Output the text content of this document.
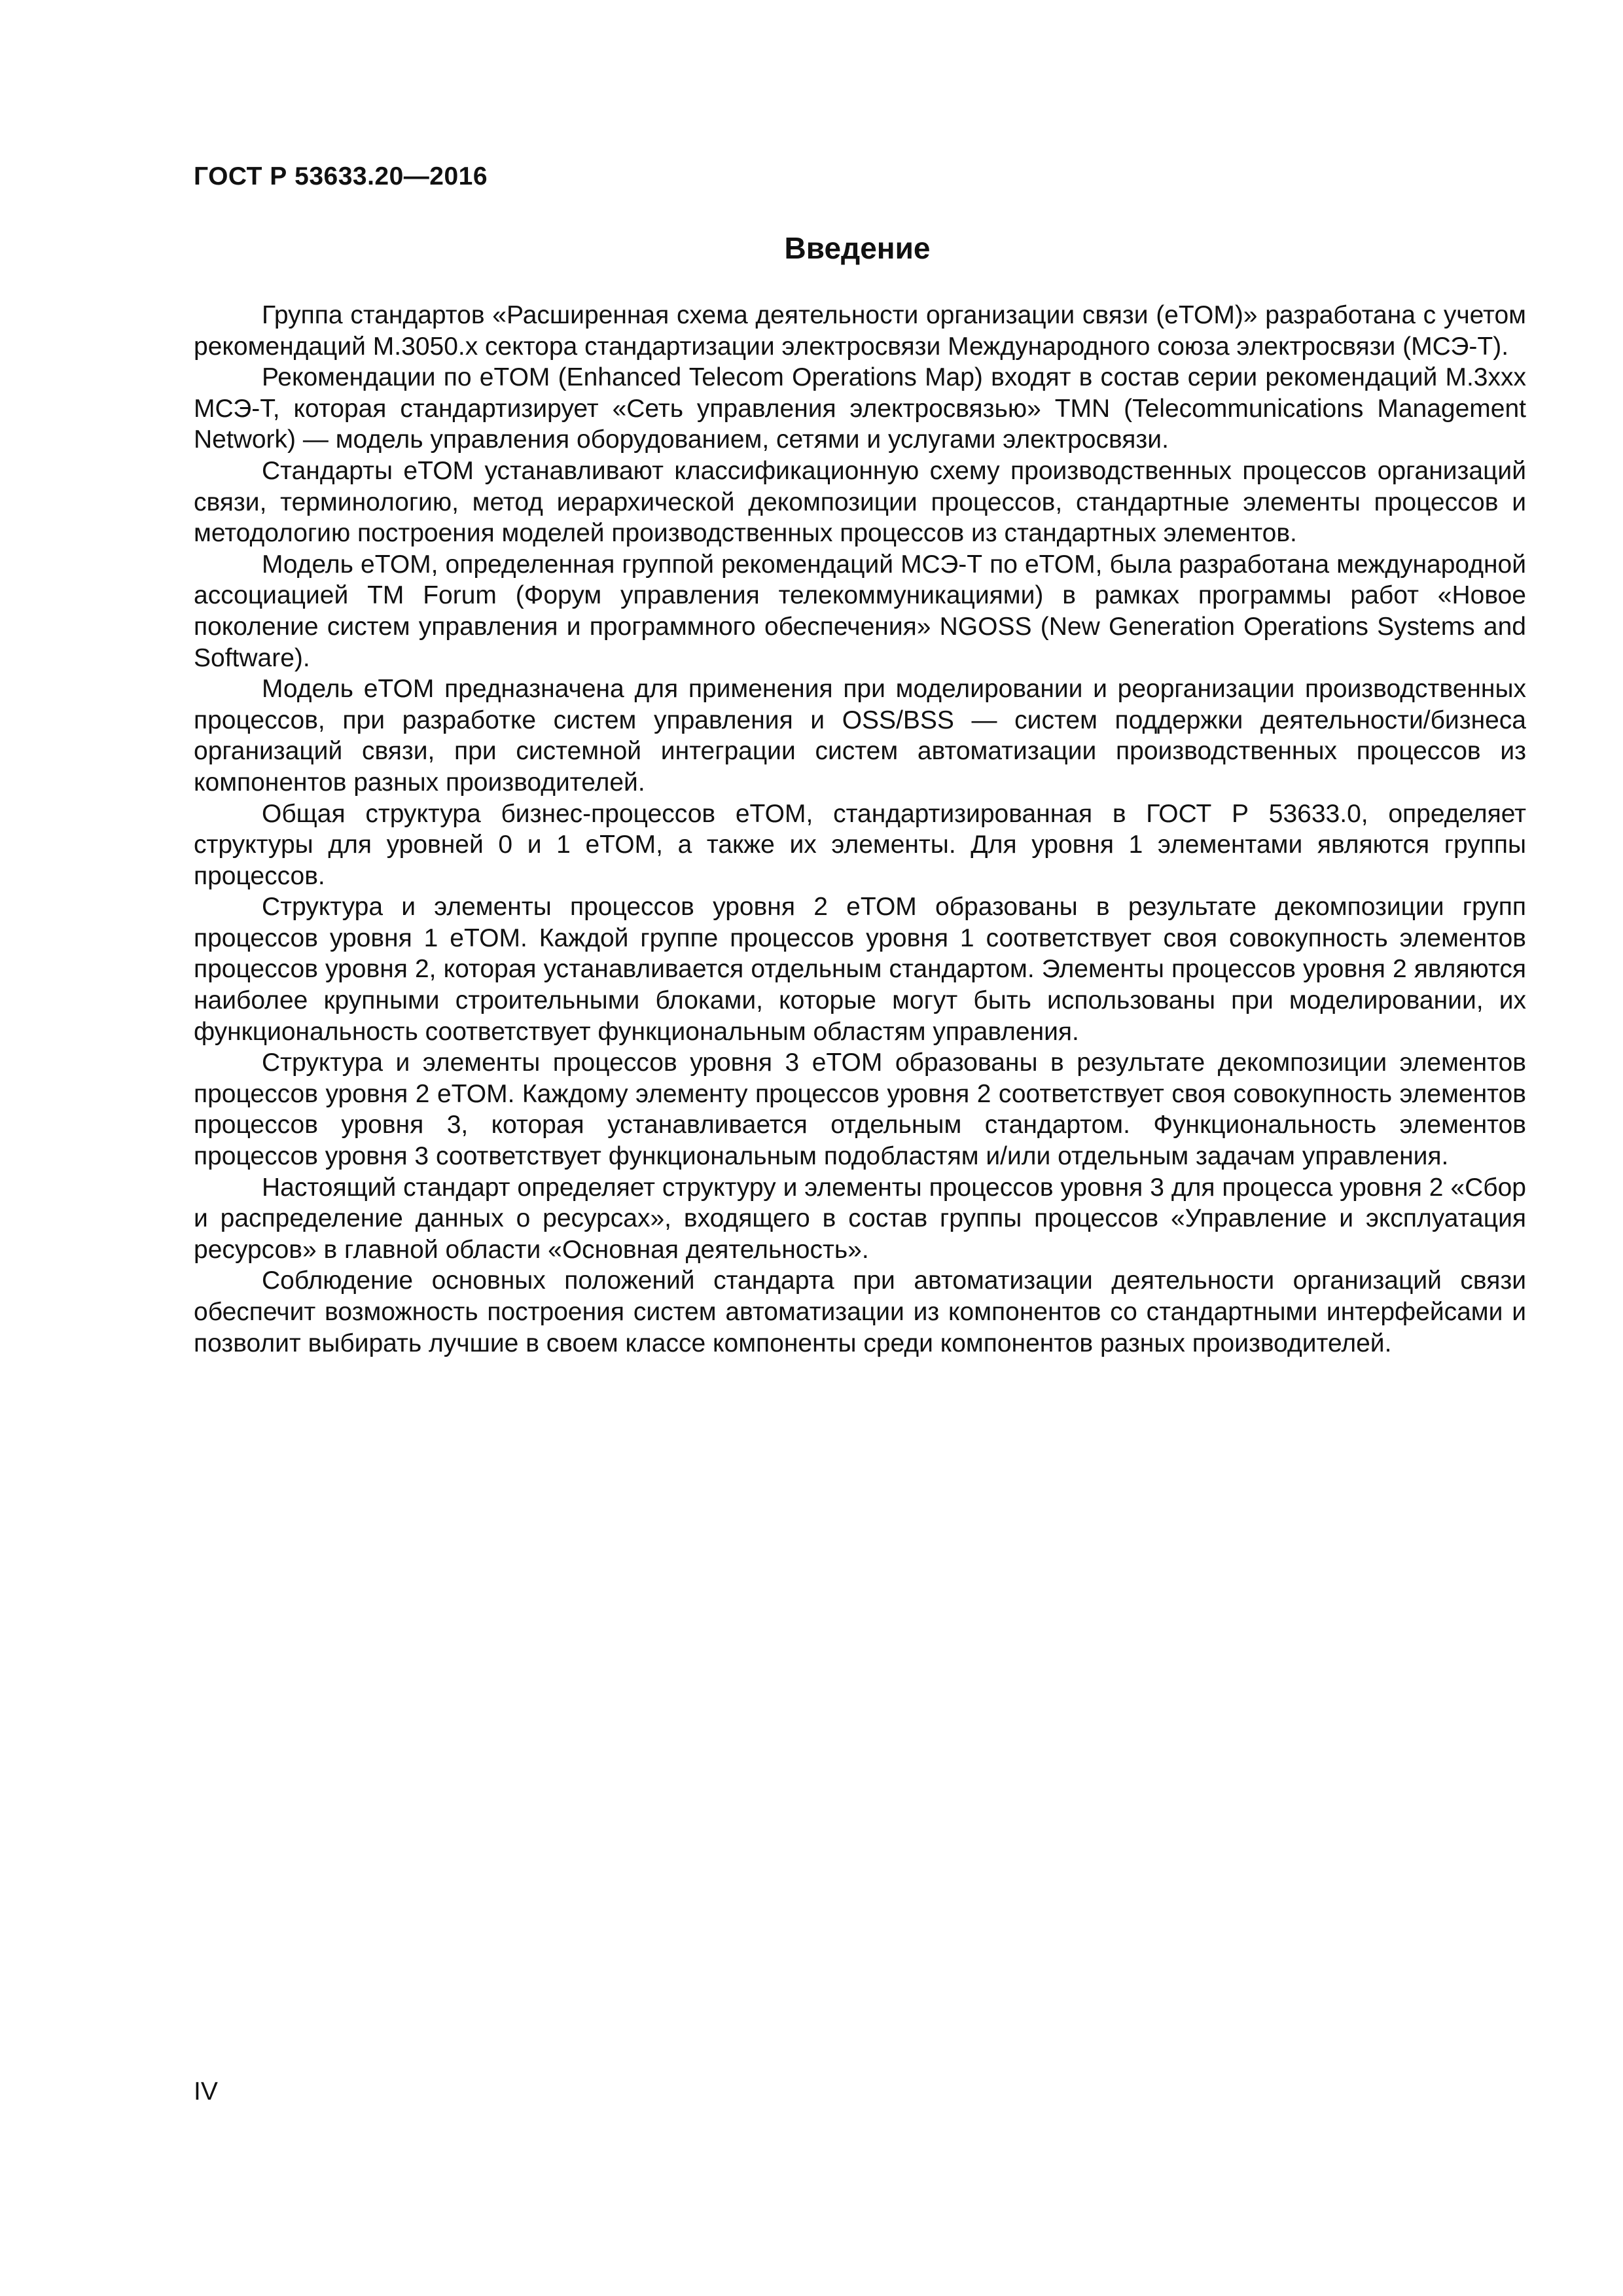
ГОСТ Р 53633.20—2016

Введение

Группа стандартов «Расширенная схема деятельности организации связи (eTOM)» разработана с учетом рекомендаций М.3050.х сектора стандартизации электросвязи Международного союза электросвязи (МСЭ-Т).

Рекомендации по eTOM (Enhanced Telecom Operations Map) входят в состав серии рекомендаций М.3ххх МСЭ-Т, которая стандартизирует «Сеть управления электросвязью» TMN (Telecommunications Management Network) — модель управления оборудованием, сетями и услугами электросвязи.

Стандарты eTOM устанавливают классификационную схему производственных процессов организаций связи, терминологию, метод иерархической декомпозиции процессов, стандартные элементы процессов и методологию построения моделей производственных процессов из стандартных элементов.

Модель eTOM, определенная группой рекомендаций МСЭ-Т по eTOM, была разработана международной ассоциацией TM Forum (Форум управления телекоммуникациями) в рамках программы работ «Новое поколение систем управления и программного обеспечения» NGOSS (New Generation Operations Systems and Software).

Модель eTOM предназначена для применения при моделировании и реорганизации производственных процессов, при разработке систем управления и OSS/BSS — систем поддержки деятельности/бизнеса организаций связи, при системной интеграции систем автоматизации производственных процессов из компонентов разных производителей.

Общая структура бизнес-процессов eTOM, стандартизированная в ГОСТ Р 53633.0, определяет структуры для уровней 0 и 1 eTOM, а также их элементы. Для уровня 1 элементами являются группы процессов.

Структура и элементы процессов уровня 2 eTOM образованы в результате декомпозиции групп процессов уровня 1 eTOM. Каждой группе процессов уровня 1 соответствует своя совокупность элементов процессов уровня 2, которая устанавливается отдельным стандартом. Элементы процессов уровня 2 являются наиболее крупными строительными блоками, которые могут быть использованы при моделировании, их функциональность соответствует функциональным областям управления.

Структура и элементы процессов уровня 3 eTOM образованы в результате декомпозиции элементов процессов уровня 2 eTOM. Каждому элементу процессов уровня 2 соответствует своя совокупность элементов процессов уровня 3, которая устанавливается отдельным стандартом. Функциональность элементов процессов уровня 3 соответствует функциональным подобластям и/или отдельным задачам управления.

Настоящий стандарт определяет структуру и элементы процессов уровня 3 для процесса уровня 2 «Сбор и распределение данных о ресурсах», входящего в состав группы процессов «Управление и эксплуатация ресурсов» в главной области «Основная деятельность».

Соблюдение основных положений стандарта при автоматизации деятельности организаций связи обеспечит возможность построения систем автоматизации из компонентов со стандартными интерфейсами и позволит выбирать лучшие в своем классе компоненты среди компонентов разных производителей.

IV
